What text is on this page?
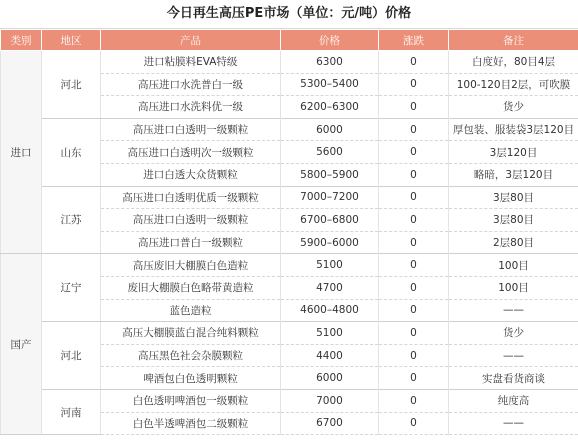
今日再生高压PE市场（单位：元/吨）价格
类别	地区	产品	价格	涨跌	备注
进口	河北	进口粘膜料EVA特级	6300	0	白度好，80目4层
		高压进口水洗普白一级	5300–5400	0	100-120目2层，可吹膜
		高压进口水洗料优一级	6200–6300	0	货少
	山东	高压进口白透明一级颗粒	6000	0	厚包装、服装袋3层120目
		高压进口白透明次一级颗粒	5600	0	3层120目
		进口白透大众货颗粒	5800–5900	0	略暗，3层120目
	江苏	高压进口白透明优质一级颗粒	7000–7200	0	3层80目
		高压进口白透明一级颗粒	6700–6800	0	3层80目
		高压进口普白一级颗粒	5900–6000	0	2层80目
国产	辽宁	高压废旧大棚膜白色造粒	5100	0	100目
		废旧大棚膜白色略带黄造粒	4700	0	100目
		蓝色造粒	4600–4800	0	——
	河北	高压大棚膜蓝白混合纯料颗粒	5100	0	货少
		高压黑色社会杂膜颗粒	4400	0	——
		啤酒包白色透明颗粒	6000	0	实盘看货商谈
	河南	白色透明啤酒包一级颗粒	7000	0	纯度高
		白色半透啤酒包二级颗粒	6700	0	——
